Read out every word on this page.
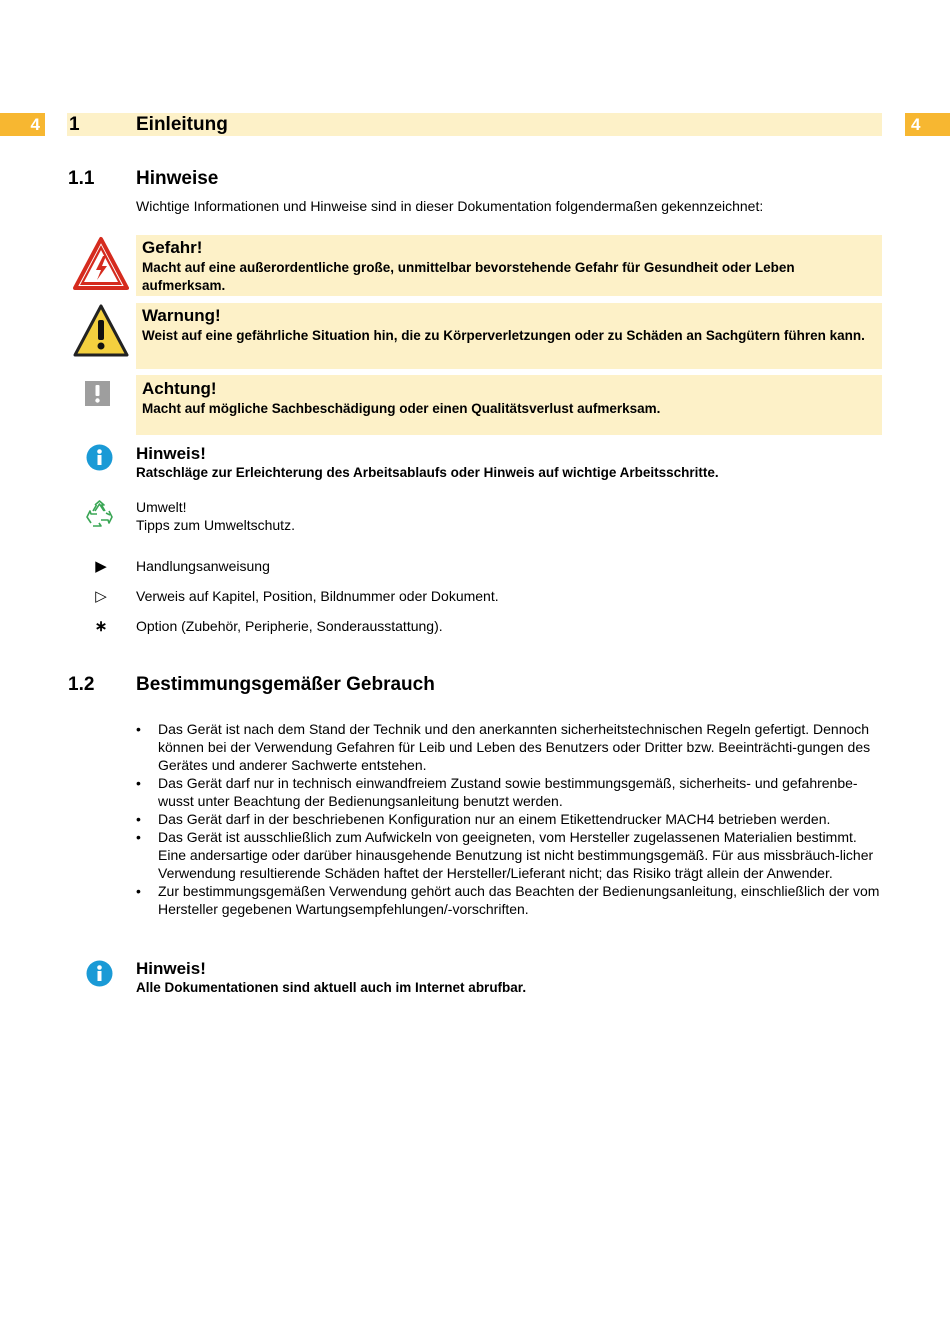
4	4
1	Einleitung
1.1 Hinweise
Wichtige Informationen und Hinweise sind in dieser Dokumentation folgendermaßen gekennzeichnet:
Gefahr!
Macht auf eine außerordentliche große, unmittelbar bevorstehende Gefahr für Gesundheit oder Leben aufmerksam.
Warnung!
Weist auf eine gefährliche Situation hin, die zu Körperverletzungen oder zu Schäden an Sachgütern führen kann.
Achtung!
Macht auf mögliche Sachbeschädigung oder einen Qualitätsverlust aufmerksam.
Hinweis!
Ratschläge zur Erleichterung des Arbeitsablaufs oder Hinweis auf wichtige Arbeitsschritte.
Umwelt!
Tipps zum Umweltschutz.
▶	Handlungsanweisung
▷	Verweis auf Kapitel, Position, Bildnummer oder Dokument.
∗	Option (Zubehör, Peripherie, Sonderausstattung).
1.2 Bestimmungsgemäßer Gebrauch
• Das Gerät ist nach dem Stand der Technik und den anerkannten sicherheitstechnischen Regeln gefertigt. Dennoch können bei der Verwendung Gefahren für Leib und Leben des Benutzers oder Dritter bzw. Beeinträchti-gungen des Gerätes und anderer Sachwerte entstehen.
• Das Gerät darf nur in technisch einwandfreiem Zustand sowie bestimmungsgemäß, sicherheits- und gefahrenbe-wusst unter Beachtung der Bedienungsanleitung benutzt werden.
• Das Gerät darf in der beschriebenen Konfiguration nur an einem Etikettendrucker MACH4 betrieben werden.
• Das Gerät ist ausschließlich zum Aufwickeln von geeigneten, vom Hersteller zugelassenen Materialien bestimmt. Eine andersartige oder darüber hinausgehende Benutzung ist nicht bestimmungsgemäß. Für aus missbräuch-licher Verwendung resultierende Schäden haftet der Hersteller/Lieferant nicht; das Risiko trägt allein der Anwender.
• Zur bestimmungsgemäßen Verwendung gehört auch das Beachten der Bedienungsanleitung, einschließlich der vom Hersteller gegebenen Wartungsempfehlungen/-vorschriften.
Hinweis!
Alle Dokumentationen sind aktuell auch im Internet abrufbar.
